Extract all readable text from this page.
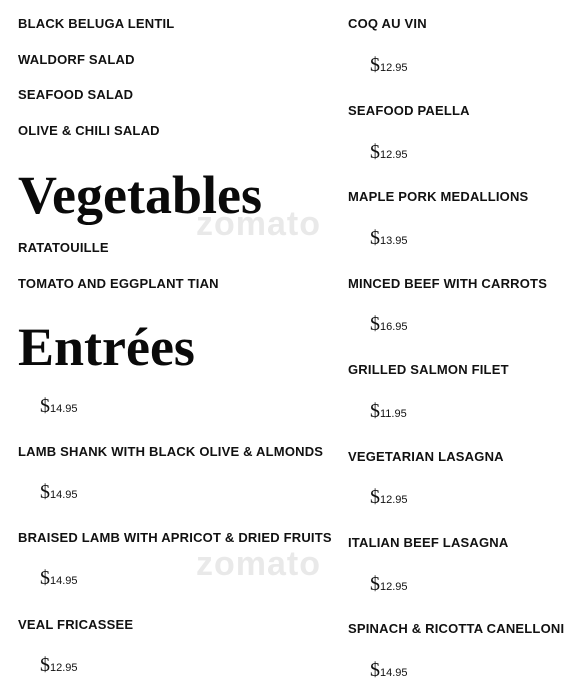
zomato
zomato
BLACK BELUGA LENTIL
WALDORF SALAD
SEAFOOD SALAD
OLIVE & CHILI SALAD
Vegetables
RATATOUILLE
TOMATO AND EGGPLANT TIAN
Entrées
$14.95
LAMB SHANK WITH BLACK OLIVE & ALMONDS
$14.95
BRAISED LAMB WITH APRICOT & DRIED FRUITS
$14.95
VEAL FRICASSEE
$12.95
COQ AU VIN
$12.95
SEAFOOD PAELLA
$12.95
MAPLE PORK MEDALLIONS
$13.95
MINCED BEEF WITH CARROTS
$16.95
GRILLED SALMON FILET
$11.95
VEGETARIAN LASAGNA
$12.95
ITALIAN BEEF LASAGNA
$12.95
SPINACH & RICOTTA CANELLONI
$14.95
